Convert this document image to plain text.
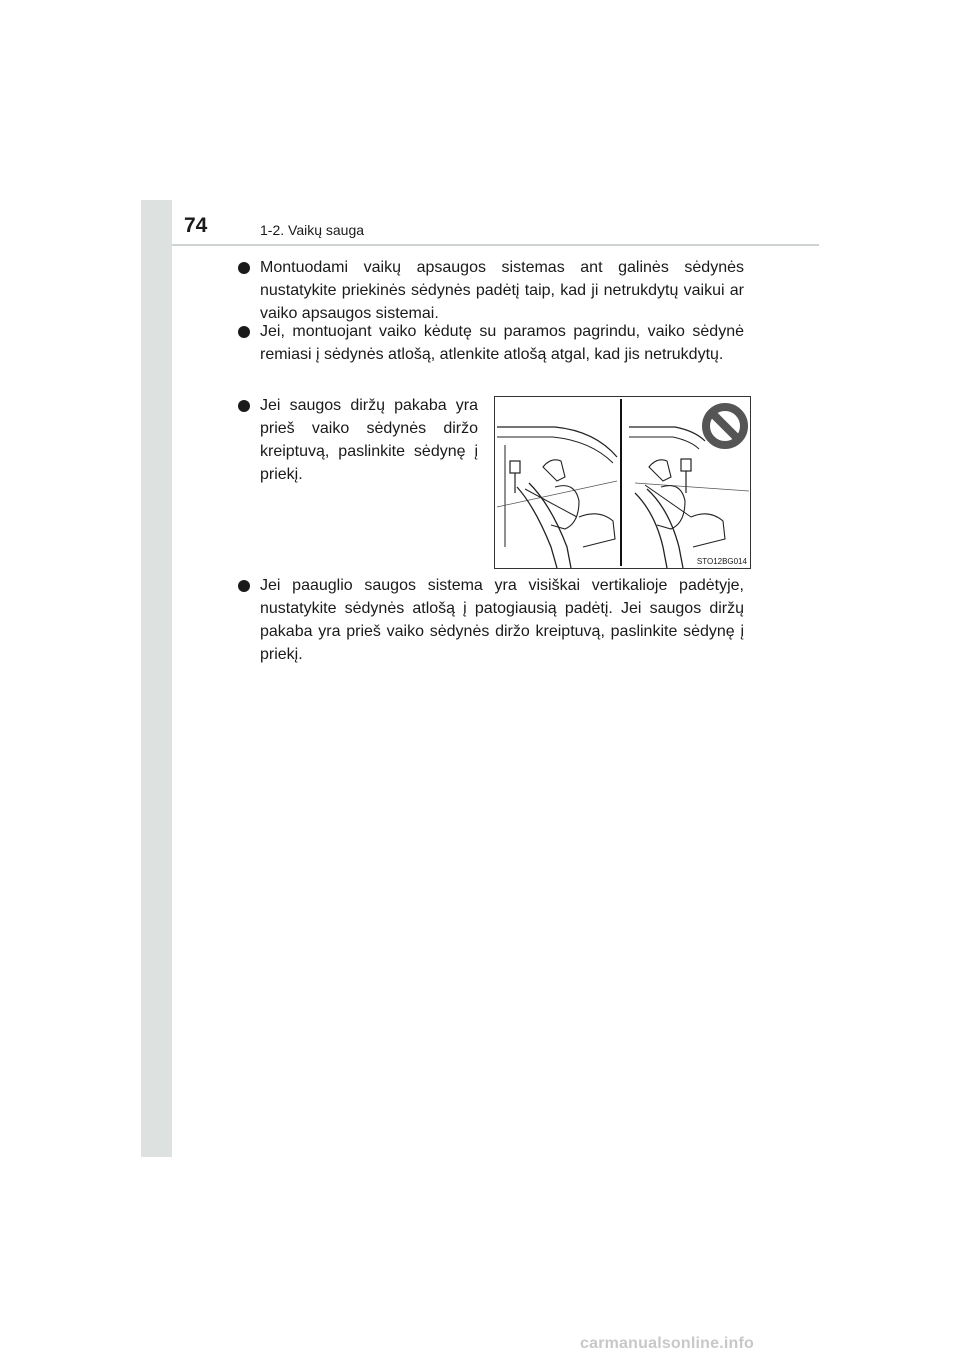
74	1-2. Vaikų sauga
Montuodami vaikų apsaugos sistemas ant galinės sėdynės nustatykite priekinės sėdynės padėtį taip, kad ji netrukdytų vaikui ar vaiko apsaugos sistemai.
Jei, montuojant vaiko kėdutę su paramos pagrindu, vaiko sėdynė remiasi į sėdynės atlošą, atlenkite atlošą atgal, kad jis netrukdytų.
Jei saugos diržų pakaba yra prieš vaiko sėdynės diržo kreiptuvą, paslinkite sėdynę į priekį.
STO12BG014
Jei paauglio saugos sistema yra visiškai vertikalioje padėtyje, nustatykite sėdynės atlošą į patogiausią padėtį. Jei saugos diržų pakaba yra prieš vaiko sėdynės diržo kreiptuvą, paslinkite sėdynę į priekį.
carmanualsonline.info
